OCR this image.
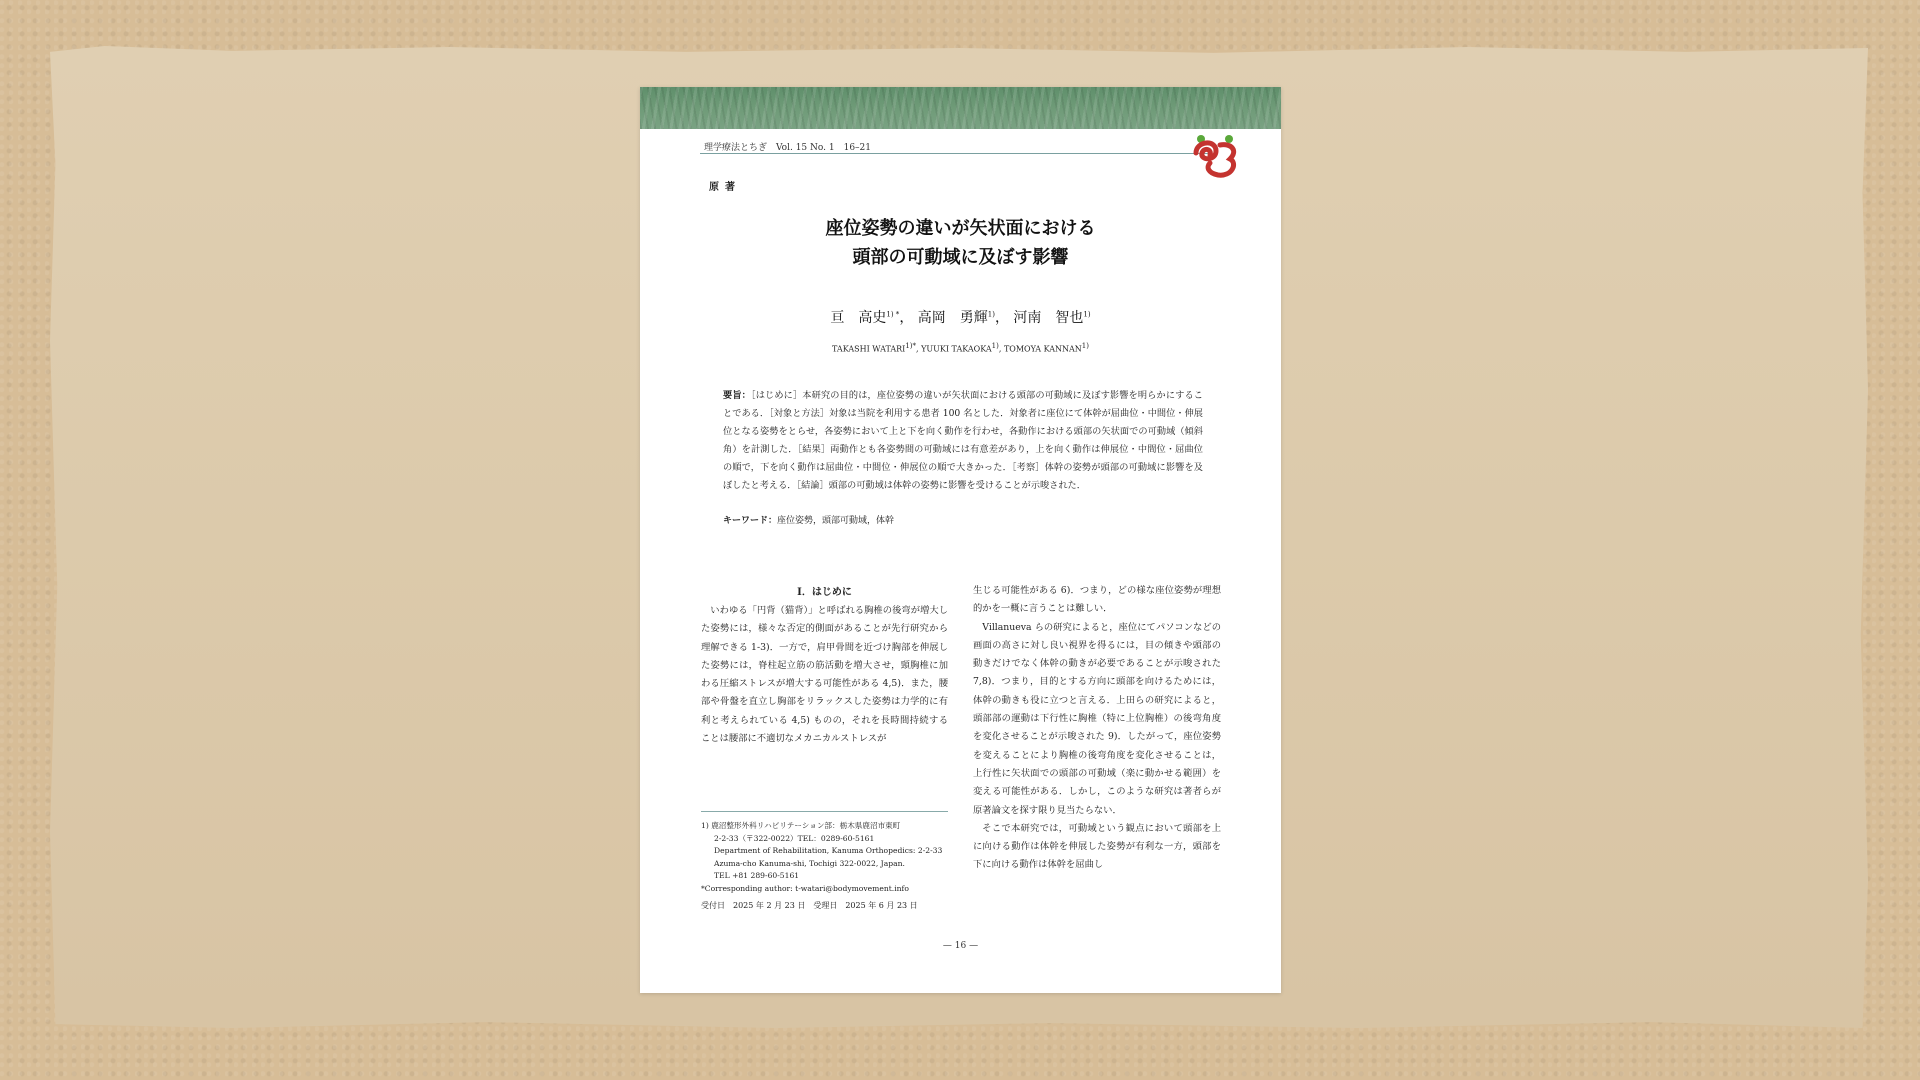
理学療法とちぎ　Vol. 15 No. 1　16–21
原著
座位姿勢の違いが矢状面における
頭部の可動域に及ぼす影響
亘　高史$^{1) *}$， 高岡　勇輝$^{1)}$， 河南　智也$^{1)}$
TAKASHI $WATARI^{1)*}$, YUUKI TAKAOKA$^{1)}$, TOMOYA KANNAN$^{1)}$
要旨：［はじめに］本研究の目的は，座位姿勢の違いが矢状面における頭部の可動域に及ぼす影響を明らかにすることである．［対象と方法］対象は当院を利用する患者 100 名とした．対象者に座位にて体幹が屈曲位・中間位・伸展位となる姿勢をとらせ，各姿勢において上と下を向く動作を行わせ，各動作における頭部の矢状面での可動域（傾斜角）を計測した．［結果］両動作とも各姿勢間の可動域には有意差があり，上を向く動作は伸展位・中間位・屈曲位の順で，下を向く動作は屈曲位・中間位・伸展位の順で大きかった．［考察］体幹の姿勢が頭部の可動域に影響を及ぼしたと考える．［結論］頭部の可動域は体幹の姿勢に影響を受けることが示唆された．
キーワード：座位姿勢，頭部可動域，体幹
Ⅰ．はじめに

いわゆる「円背（猫背）」と呼ばれる胸椎の後弯が増大した姿勢には，様々な否定的側面があることが先行研究から理解できる 1-3)．一方で，肩甲骨間を近づけ胸部を伸展した姿勢には，脊柱起立筋の筋活動を増大させ，頸胸椎に加わる圧縮ストレスが増大する可能性がある 4,5)．また，腰部や骨盤を直立し胸部をリラックスした姿勢は力学的に有利と考えられている 4,5) ものの，それを長時間持続することは腰部に不適切なメカニカルストレスが

生じる可能性がある 6)．つまり，どの様な座位姿勢が理想的かを一概に言うことは難しい．

Villanueva らの研究によると，座位にてパソコンなどの画面の高さに対し良い視界を得るには，目の傾きや頭部の動きだけでなく体幹の動きが必要であることが示唆された 7,8)．つまり，目的とする方向に頭部を向けるためには，体幹の動きも役に立つと言える．上田らの研究によると，頭部部の運動は下行性に胸椎（特に上位胸椎）の後弯角度を変化させることが示唆された 9)．したがって，座位姿勢を変えることにより胸椎の後弯角度を変化させることは，上行性に矢状面での頭部の可動域（楽に動かせる範囲）を変える可能性がある．しかし，このような研究は著者らが原著論文を探す限り見当たらない．

そこで本研究では，可動域という観点において頭部を上に向ける動作は体幹を伸展した姿勢が有利な一方，頭部を下に向ける動作は体幹を屈曲し

1) 鹿沼整形外科リハビリテーション部：栃木県鹿沼市東町
2-2-33（〒322-0022）TEL：0289-60-5161
Department of Rehabilitation, Kanuma Orthopedics: 2-2-33
Azuma-cho Kanuma-shi, Tochigi 322-0022, Japan.
TEL +81 289-60-5161
*Corresponding author: t-watari@bodymovement.info
受付日　2025 年 2 月 23 日　受理日　2025 年 6 月 23 日
— 16 —
